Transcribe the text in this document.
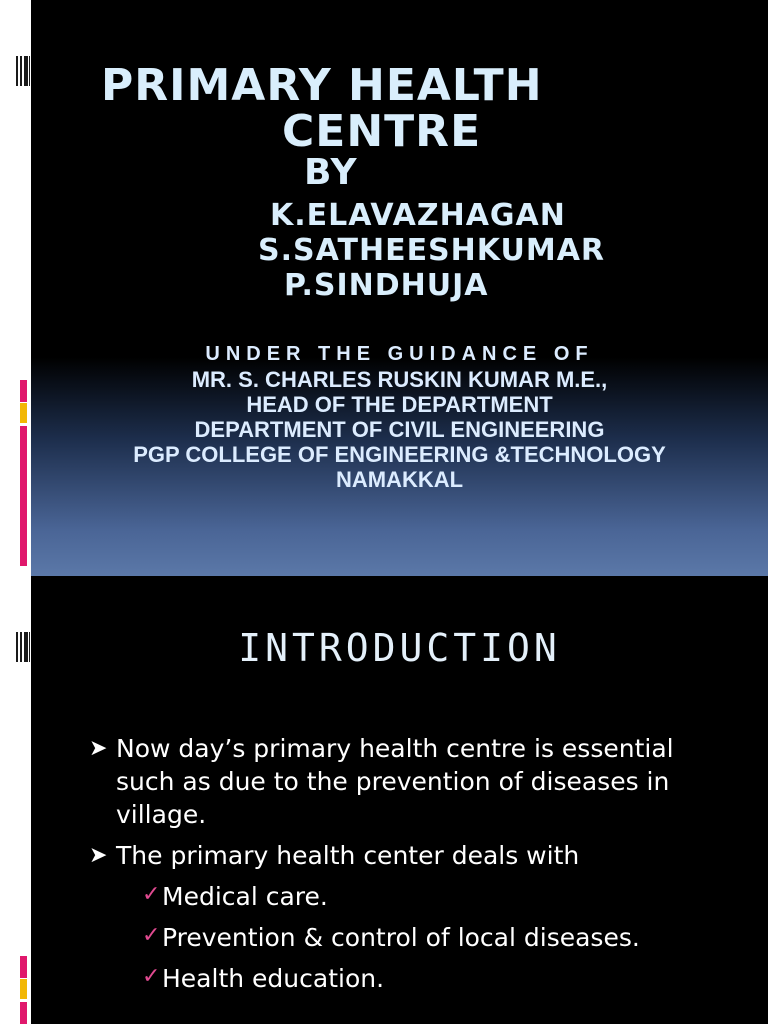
PRIMARY HEALTH
CENTRE
BY
K.ELAVAZHAGAN
S.SATHEESHKUMAR
P.SINDHUJA
UNDER THE GUIDANCE OF
MR. S. CHARLES RUSKIN KUMAR M.E.,
HEAD OF THE DEPARTMENT
DEPARTMENT OF CIVIL ENGINEERING
PGP COLLEGE OF ENGINEERING &TECHNOLOGY
NAMAKKAL
INTRODUCTION
➤ Now day’s primary health centre is essential such as due to the prevention of diseases in village.
➤ The primary health center deals with
✓ Medical care.
✓ Prevention & control of local diseases.
✓ Health education.
